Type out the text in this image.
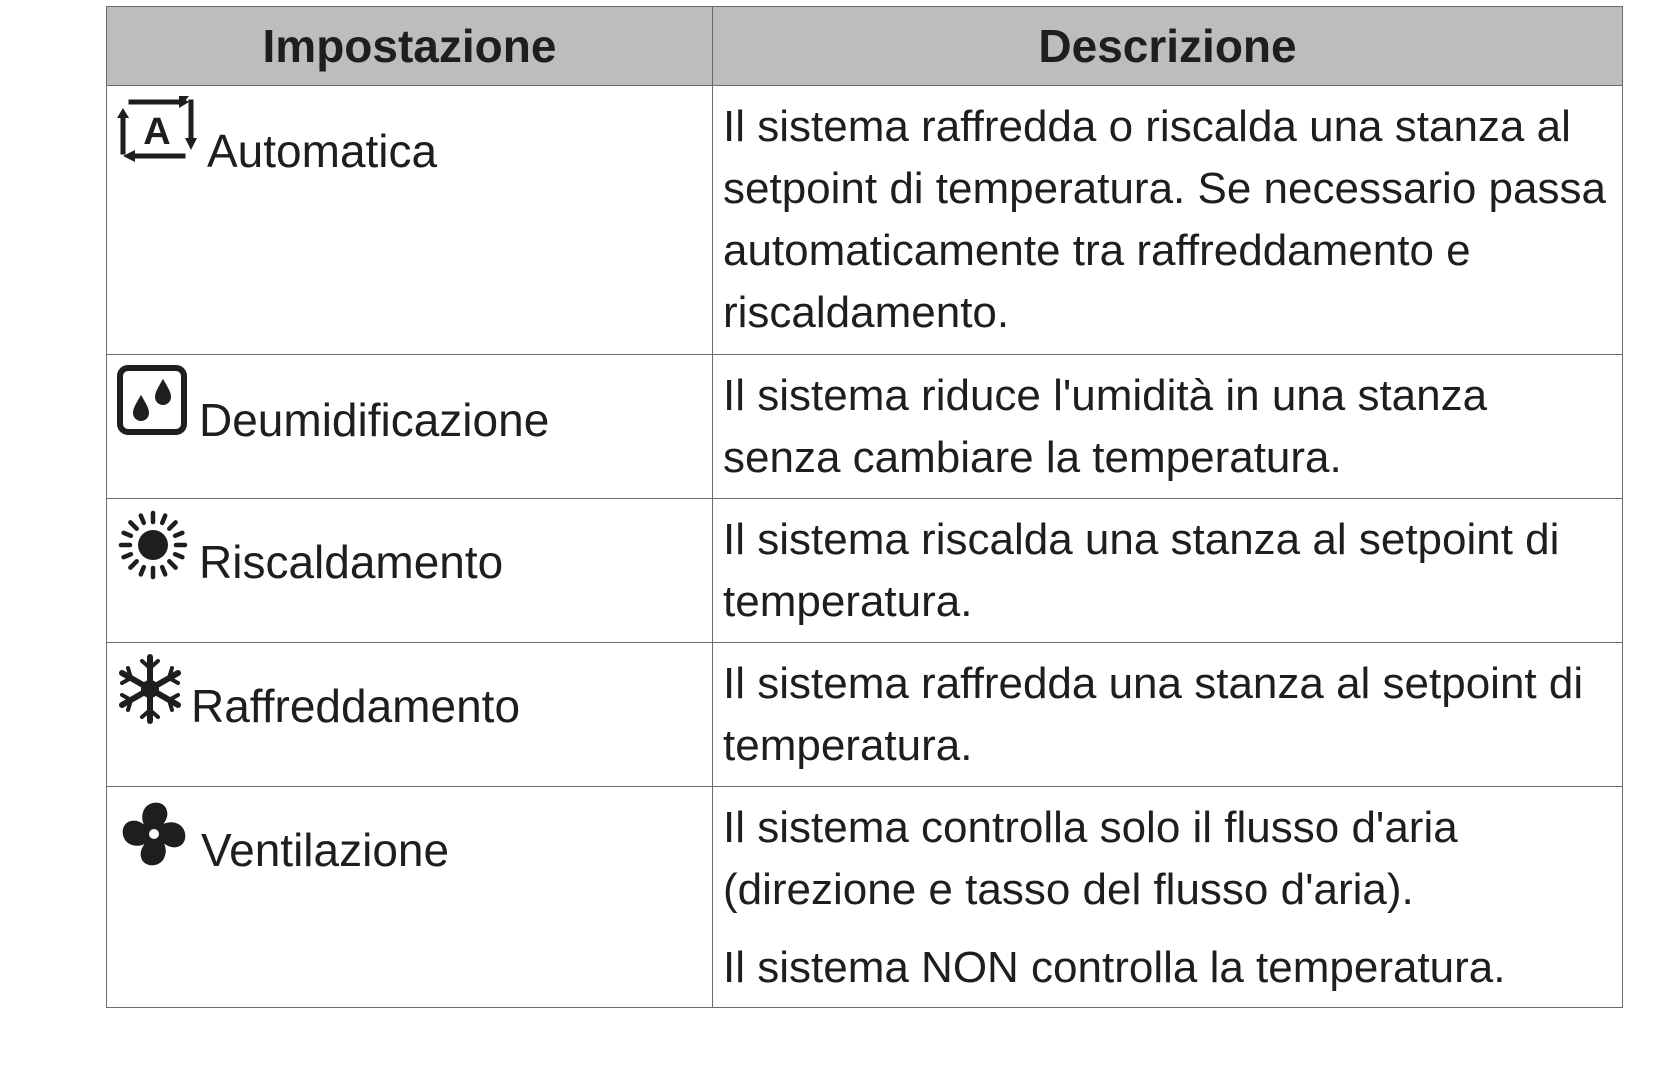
Impostazione	Descrizione

A Automatica	Il sistema raffredda o riscalda una stanza al setpoint di temperatura. Se necessario passa automaticamente tra raffreddamento e riscaldamento.

Deumidificazione	Il sistema riduce l'umidità in una stanza senza cambiare la temperatura.

Riscaldamento	Il sistema riscalda una stanza al setpoint di temperatura.

Raffreddamento	Il sistema raffredda una stanza al setpoint di temperatura.

Ventilazione	Il sistema controlla solo il flusso d'aria (direzione e tasso del flusso d'aria).

Il sistema NON controlla la temperatura.
